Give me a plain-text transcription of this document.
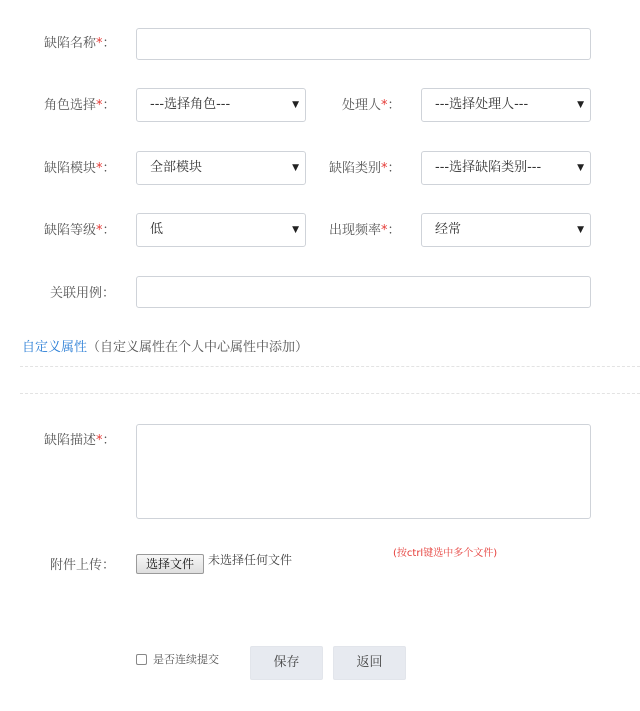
缺陷名称*：
角色选择*：	---选择角色---	▼	处理人*：	---选择处理人---	▼
缺陷模块*：	全部模块	▼ 缺陷类别*：	---选择缺陷类别---	▼
缺陷等级*：	低	▼ 出现频率*：	经常	▼
关联用例：
自定义属性（自定义属性在个人中心属性中添加）
缺陷描述*：
附件上传：	选择文件	未选择任何文件	(按ctrl键选中多个文件)
是否连续提交	保存	返回
